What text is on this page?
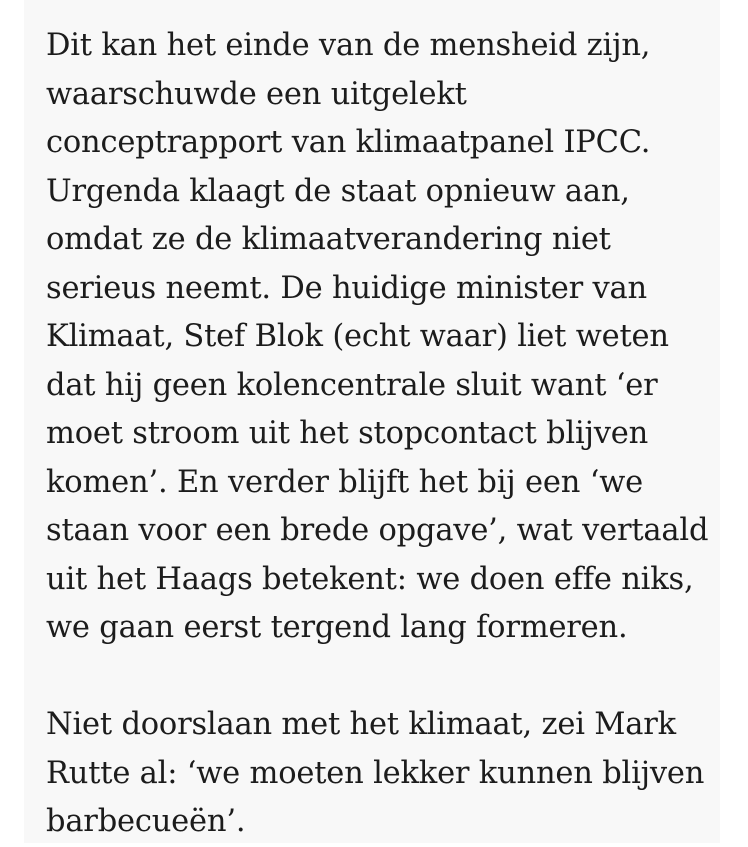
Dit kan het einde van de mensheid zijn,
waarschuwde een uitgelekt
conceptrapport van klimaatpanel IPCC.
Urgenda klaagt de staat opnieuw aan,
omdat ze de klimaatverandering niet
serieus neemt. De huidige minister van
Klimaat, Stef Blok (echt waar) liet weten
dat hij geen kolencentrale sluit want ‘er
moet stroom uit het stopcontact blijven
komen’. En verder blijft het bij een ‘we
staan voor een brede opgave’, wat vertaald
uit het Haags betekent: we doen effe niks,
we gaan eerst tergend lang formeren.
Niet doorslaan met het klimaat, zei Mark
Rutte al: ‘we moeten lekker kunnen blijven
barbecueën’.
